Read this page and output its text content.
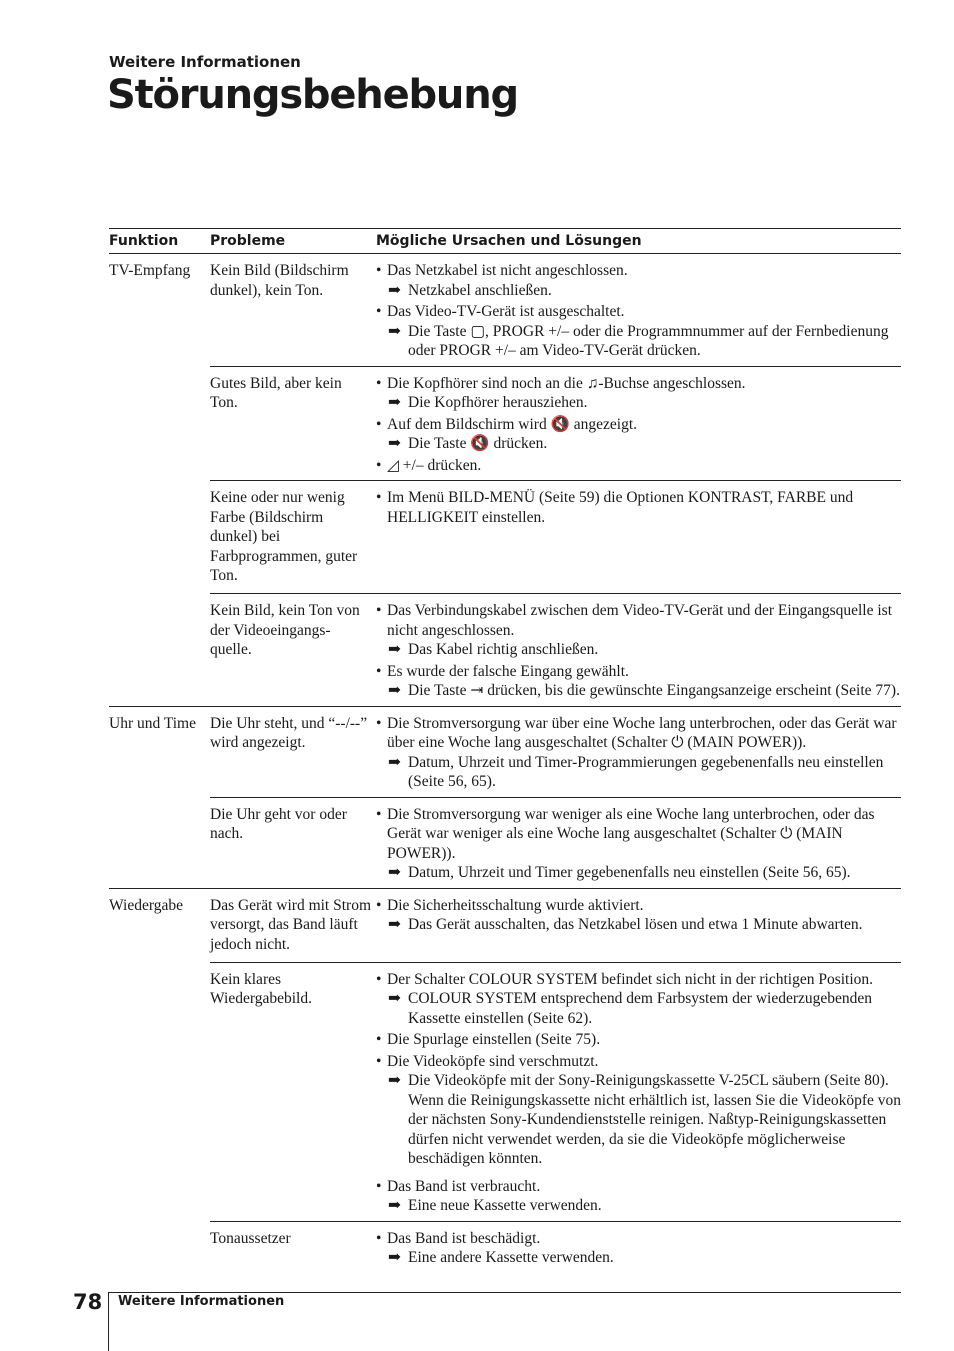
Weitere Informationen
Störungsbehebung
Funktion Probleme	Mögliche Ursachen und Lösungen
TV-Empfang	Kein Bild (Bildschirm dunkel), kein Ton.
• Das Netzkabel ist nicht angeschlossen.
➡ Netzkabel anschließen.
• Das Video-TV-Gerät ist ausgeschaltet.
➡ Die Taste ▢, PROGR +/– oder die Programmnummer auf der Fernbedienung oder PROGR +/– am Video-TV-Gerät drücken.
Gutes Bild, aber kein Ton.
• Die Kopfhörer sind noch an die ♫-Buchse angeschlossen.
➡ Die Kopfhörer herausziehen.
• Auf dem Bildschirm wird 🔇 angezeigt.
➡ Die Taste 🔇 drücken.
• ◿ +/– drücken.
Keine oder nur wenig Farbe (Bildschirm dunkel) bei Farbprogrammen, guter Ton.
• Im Menü BILD-MENÜ (Seite 59) die Optionen KONTRAST, FARBE und HELLIGKEIT einstellen.
Kein Bild, kein Ton von der Videoeingangs-quelle.
• Das Verbindungskabel zwischen dem Video-TV-Gerät und der Eingangsquelle ist nicht angeschlossen.
➡ Das Kabel richtig anschließen.
• Es wurde der falsche Eingang gewählt.
➡ Die Taste ⇥ drücken, bis die gewünschte Eingangsanzeige erscheint (Seite 77).
Uhr und Time Die Uhr steht, und “--/--” wird angezeigt.
• Die Stromversorgung war über eine Woche lang unterbrochen, oder das Gerät war über eine Woche lang ausgeschaltet (Schalter ⏻ (MAIN POWER)).
➡ Datum, Uhrzeit und Timer-Programmierungen gegebenenfalls neu einstellen (Seite 56, 65).
Die Uhr geht vor oder nach.
• Die Stromversorgung war weniger als eine Woche lang unterbrochen, oder das Gerät war weniger als eine Woche lang ausgeschaltet (Schalter ⏻ (MAIN POWER)).
➡ Datum, Uhrzeit und Timer gegebenenfalls neu einstellen (Seite 56, 65).
Wiedergabe	Das Gerät wird mit Strom versorgt, das Band läuft jedoch nicht.
• Die Sicherheitsschaltung wurde aktiviert.
➡ Das Gerät ausschalten, das Netzkabel lösen und etwa 1 Minute abwarten.
Kein klares Wiedergabebild.
• Der Schalter COLOUR SYSTEM befindet sich nicht in der richtigen Position.
➡ COLOUR SYSTEM entsprechend dem Farbsystem der wiederzugebenden Kassette einstellen (Seite 62).
• Die Spurlage einstellen (Seite 75).
• Die Videoköpfe sind verschmutzt.
➡ Die Videoköpfe mit der Sony-Reinigungskassette V-25CL säubern (Seite 80). Wenn die Reinigungskassette nicht erhältlich ist, lassen Sie die Videoköpfe von der nächsten Sony-Kundendienststelle reinigen. Naßtyp-Reinigungskassetten dürfen nicht verwendet werden, da sie die Videoköpfe möglicherweise beschädigen könnten.
• Das Band ist verbraucht.
➡ Eine neue Kassette verwenden.
Tonaussetzer	• Das Band ist beschädigt.
➡ Eine andere Kassette verwenden.
78 Weitere Informationen
